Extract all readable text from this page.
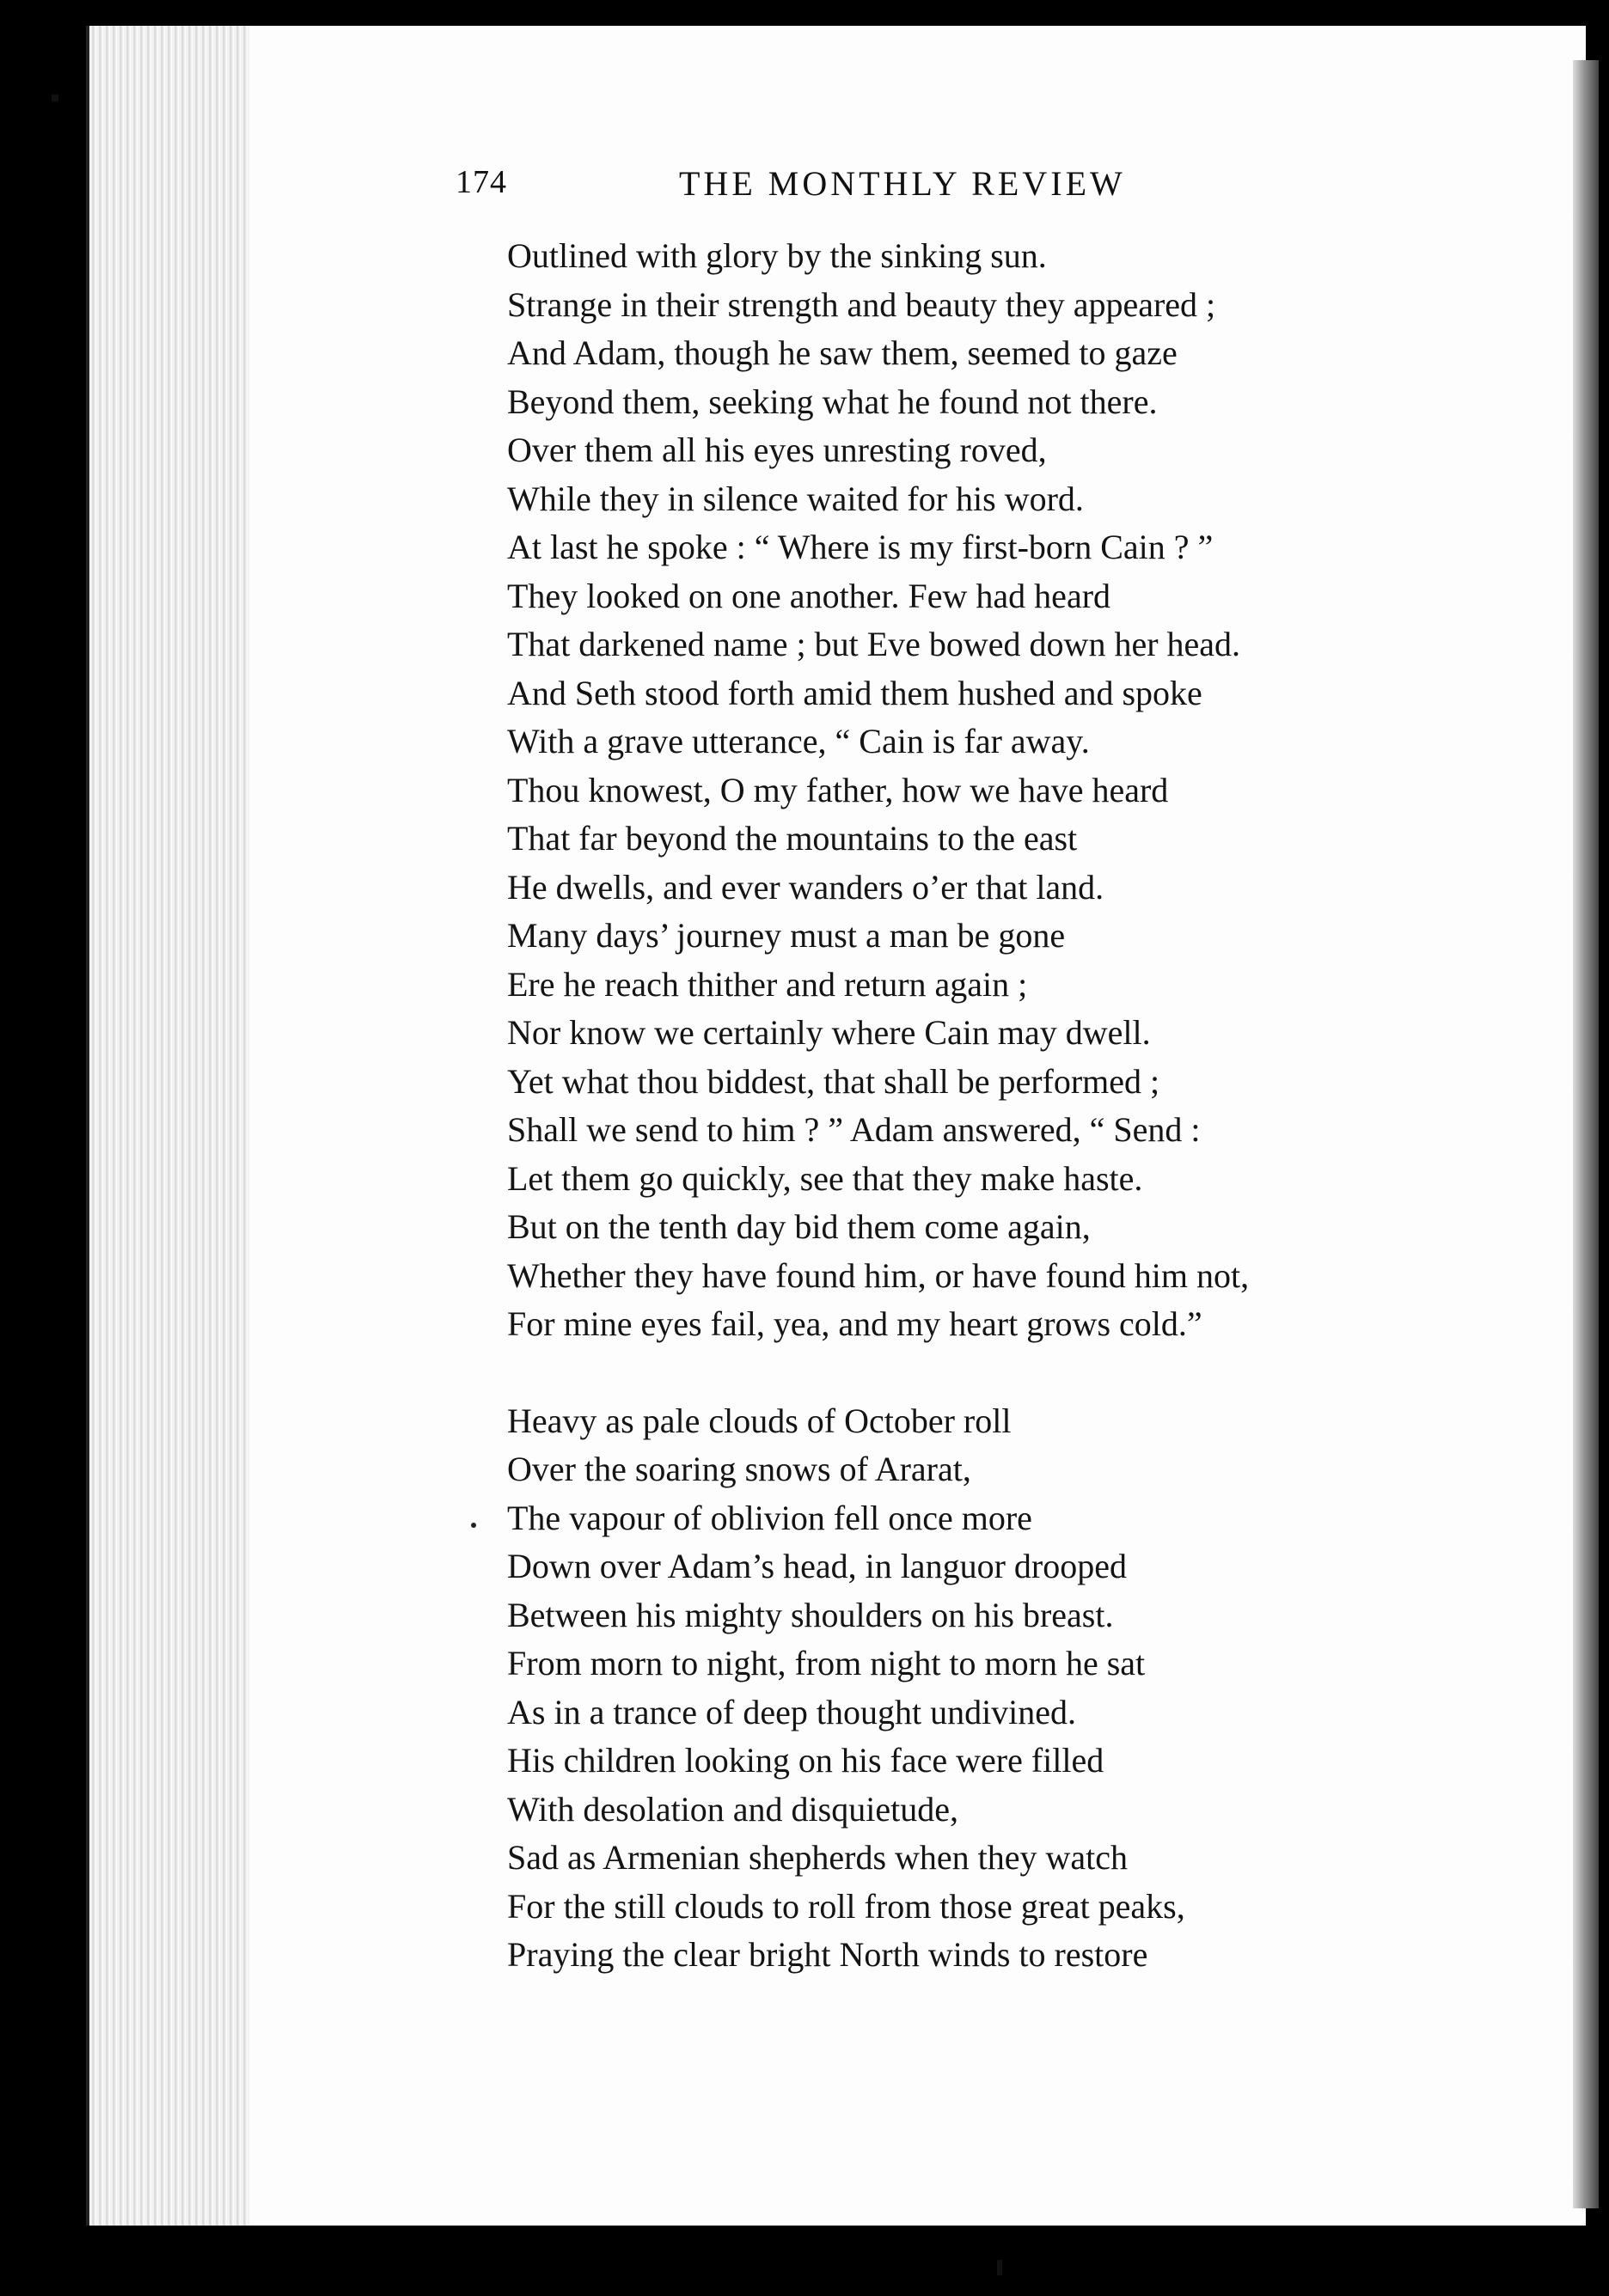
174	THE MONTHLY REVIEW
Outlined with glory by the sinking sun.
Strange in their strength and beauty they appeared ;
And Adam, though he saw them, seemed to gaze
Beyond them, seeking what he found not there.
Over them all his eyes unresting roved,
While they in silence waited for his word.
At last he spoke : “ Where is my first-born Cain ? ”
They looked on one another. Few had heard
That darkened name ; but Eve bowed down her head.
And Seth stood forth amid them hushed and spoke
With a grave utterance, “ Cain is far away.
Thou knowest, O my father, how we have heard
That far beyond the mountains to the east
He dwells, and ever wanders o’er that land.
Many days’ journey must a man be gone
Ere he reach thither and return again ;
Nor know we certainly where Cain may dwell.
Yet what thou biddest, that shall be performed ;
Shall we send to him ? ” Adam answered, “ Send :
Let them go quickly, see that they make haste.
But on the tenth day bid them come again,
Whether they have found him, or have found him not,
For mine eyes fail, yea, and my heart grows cold.”
Heavy as pale clouds of October roll
Over the soaring snows of Ararat,
The vapour of oblivion fell once more
Down over Adam’s head, in languor drooped
Between his mighty shoulders on his breast.
From morn to night, from night to morn he sat
As in a trance of deep thought undivined.
His children looking on his face were filled
With desolation and disquietude,
Sad as Armenian shepherds when they watch
For the still clouds to roll from those great peaks,
Praying the clear bright North winds to restore
